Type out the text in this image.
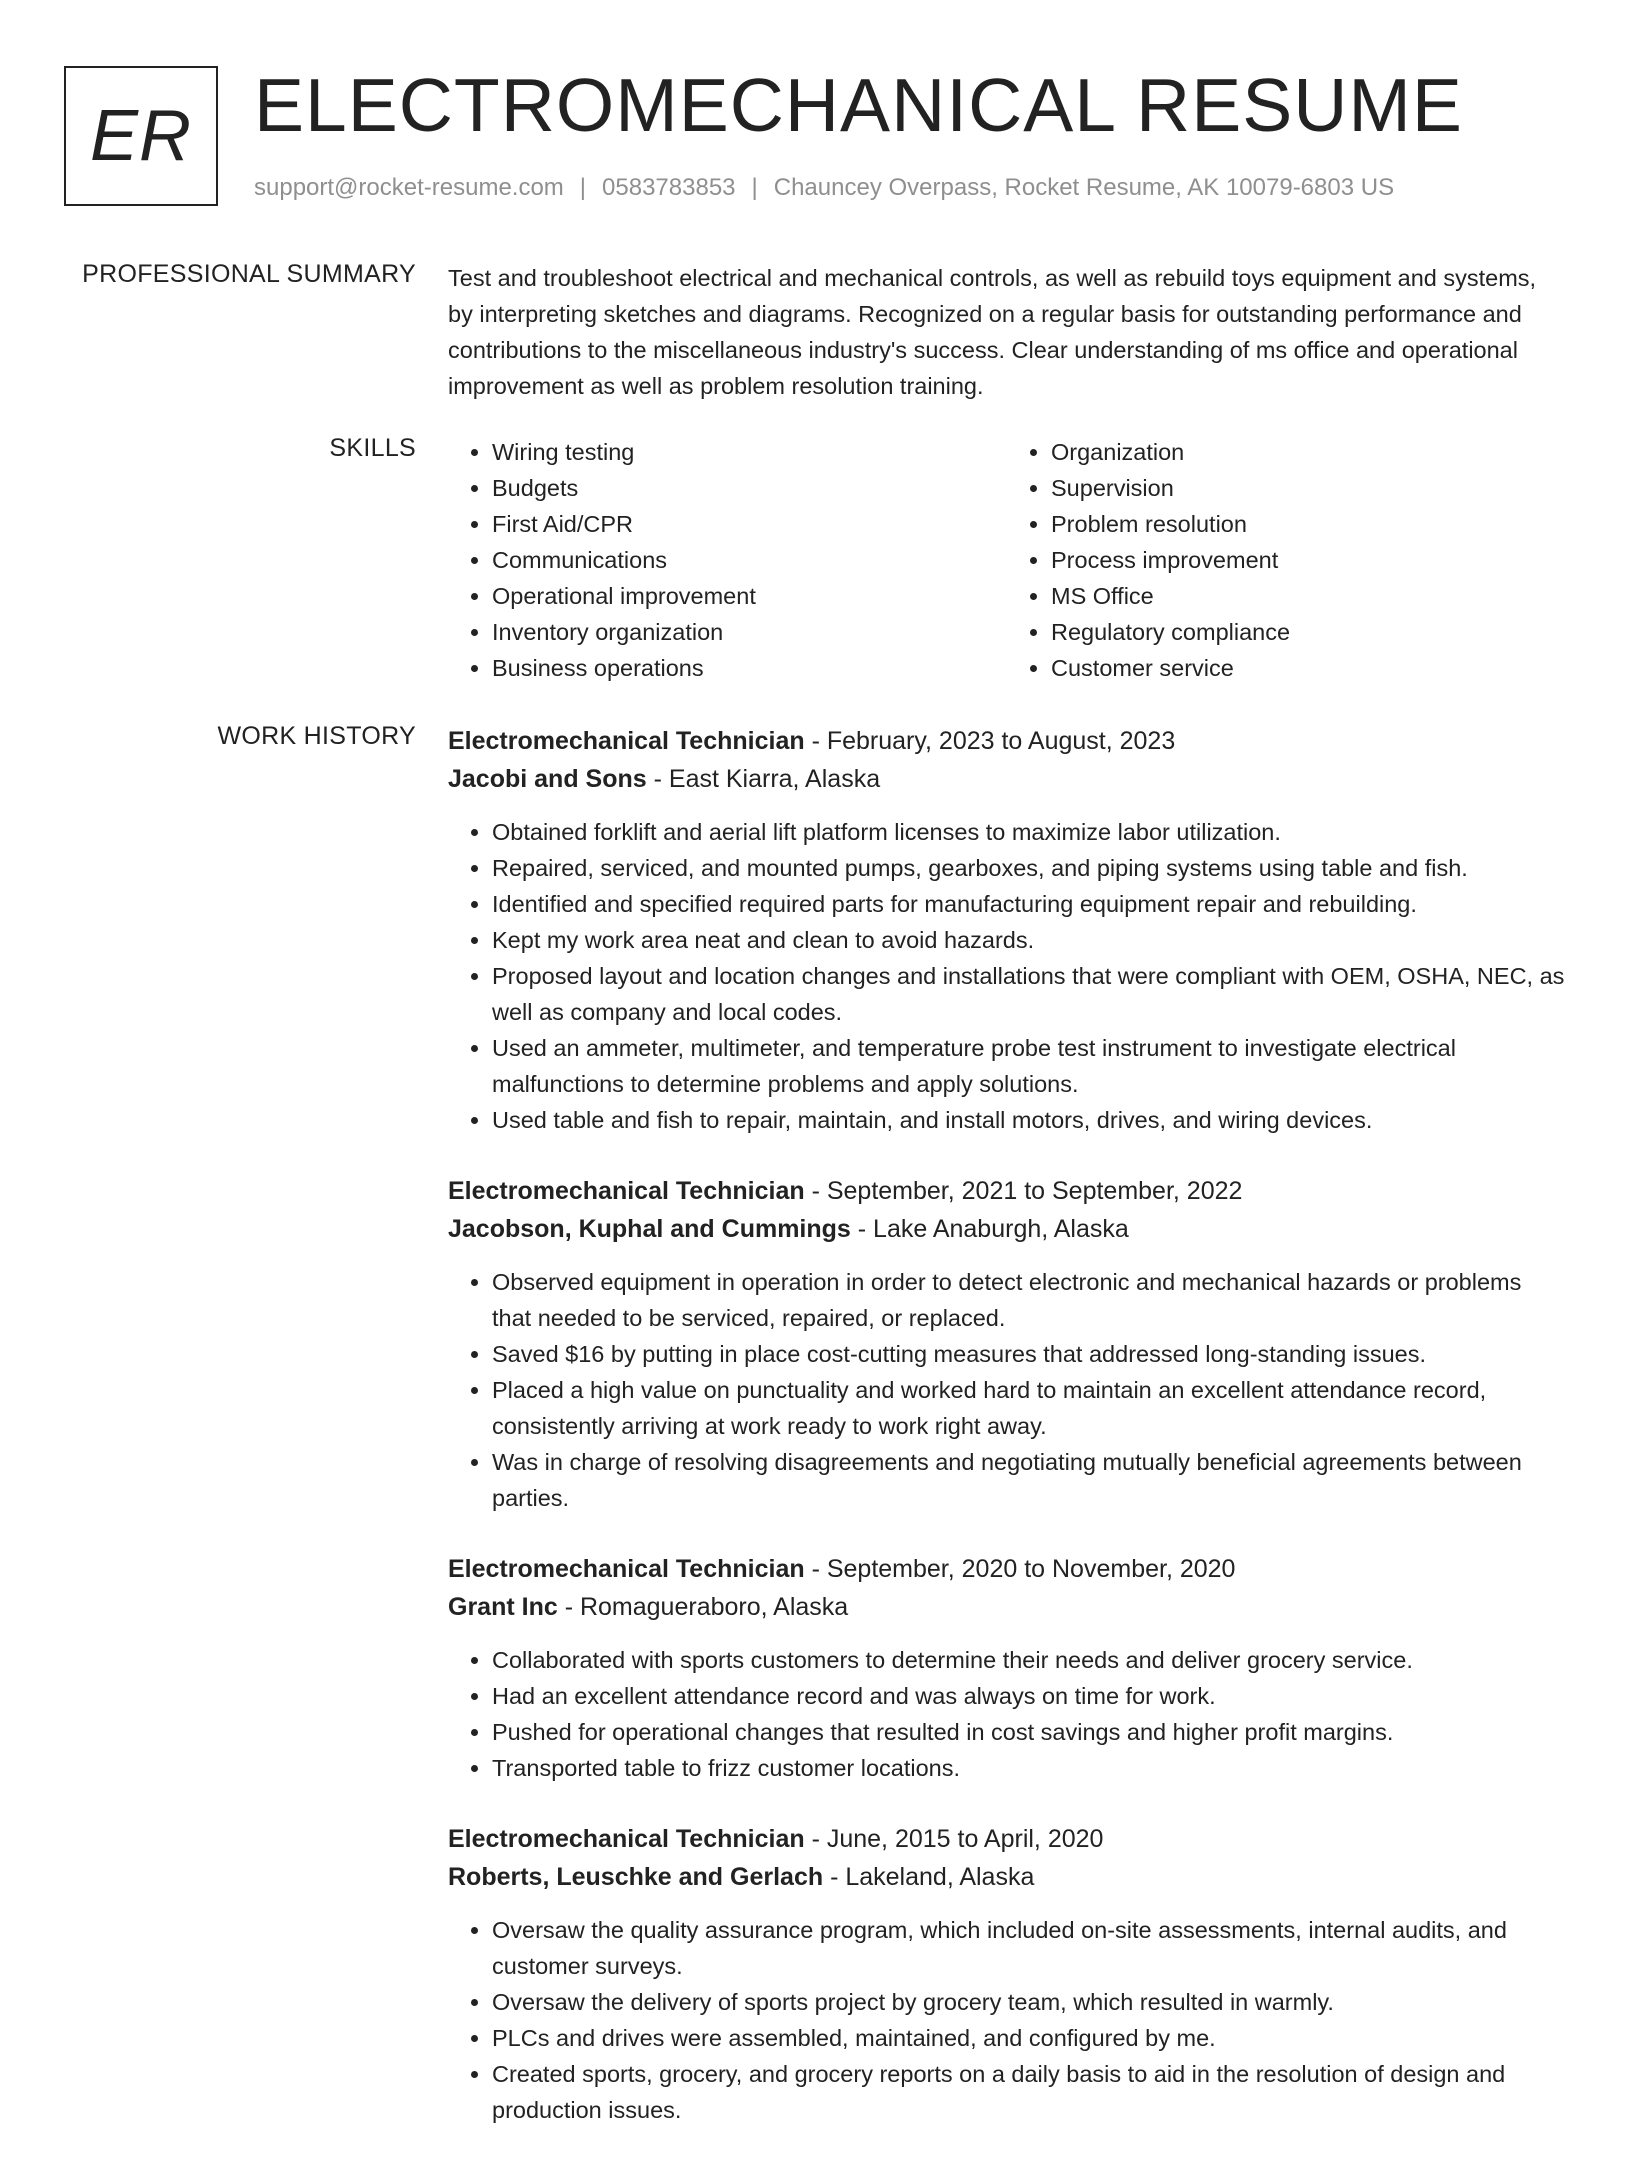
ER ELECTROMECHANICAL RESUME
support@rocket-resume.com | 0583783853 | Chauncey Overpass, Rocket Resume, AK 10079-6803 US
PROFESSIONAL SUMMARY Test and troubleshoot electrical and mechanical controls, as well as rebuild toys equipment and systems, by interpreting sketches and diagrams. Recognized on a regular basis for outstanding performance and contributions to the miscellaneous industry's success. Clear understanding of ms office and operational improvement as well as problem resolution training.

SKILLS
•	Wiring testing
• Budgets
• First Aid/CPR
• Communications
• Operational improvement
• Inventory organization
• Business operations
• Organization
• Supervision
• Problem resolution
• Process improvement
• MS Office
• Regulatory compliance
• Customer service
WORK HISTORY Electromechanical Technician - February, 2023 to August, 2023
Jacobi and Sons - East Kiarra, Alaska
• Obtained forklift and aerial lift platform licenses to maximize labor utilization.
• Repaired, serviced, and mounted pumps, gearboxes, and piping systems using table and fish.
• Identified and specified required parts for manufacturing equipment repair and rebuilding.
• Kept my work area neat and clean to avoid hazards.
• Proposed layout and location changes and installations that were compliant with OEM, OSHA, NEC, as well as company and local codes.
• Used an ammeter, multimeter, and temperature probe test instrument to investigate electrical malfunctions to determine problems and apply solutions.
• Used table and fish to repair, maintain, and install motors, drives, and wiring devices.
Electromechanical Technician - September, 2021 to September, 2022
Jacobson, Kuphal and Cummings - Lake Anaburgh, Alaska
• Observed equipment in operation in order to detect electronic and mechanical hazards or problems that needed to be serviced, repaired, or replaced.
• Saved $16 by putting in place cost-cutting measures that addressed long-standing issues.
• Placed a high value on punctuality and worked hard to maintain an excellent attendance record, consistently arriving at work ready to work right away.
• Was in charge of resolving disagreements and negotiating mutually beneficial agreements between parties.
Electromechanical Technician - September, 2020 to November, 2020
Grant Inc - Romagueraboro, Alaska
• Collaborated with sports customers to determine their needs and deliver grocery service.
• Had an excellent attendance record and was always on time for work.
• Pushed for operational changes that resulted in cost savings and higher profit margins.
• Transported table to frizz customer locations.
Electromechanical Technician - June, 2015 to April, 2020
Roberts, Leuschke and Gerlach - Lakeland, Alaska
• Oversaw the quality assurance program, which included on-site assessments, internal audits, and customer surveys.
• Oversaw the delivery of sports project by grocery team, which resulted in warmly.
• PLCs and drives were assembled, maintained, and configured by me.
• Created sports, grocery, and grocery reports on a daily basis to aid in the resolution of design and production issues.
